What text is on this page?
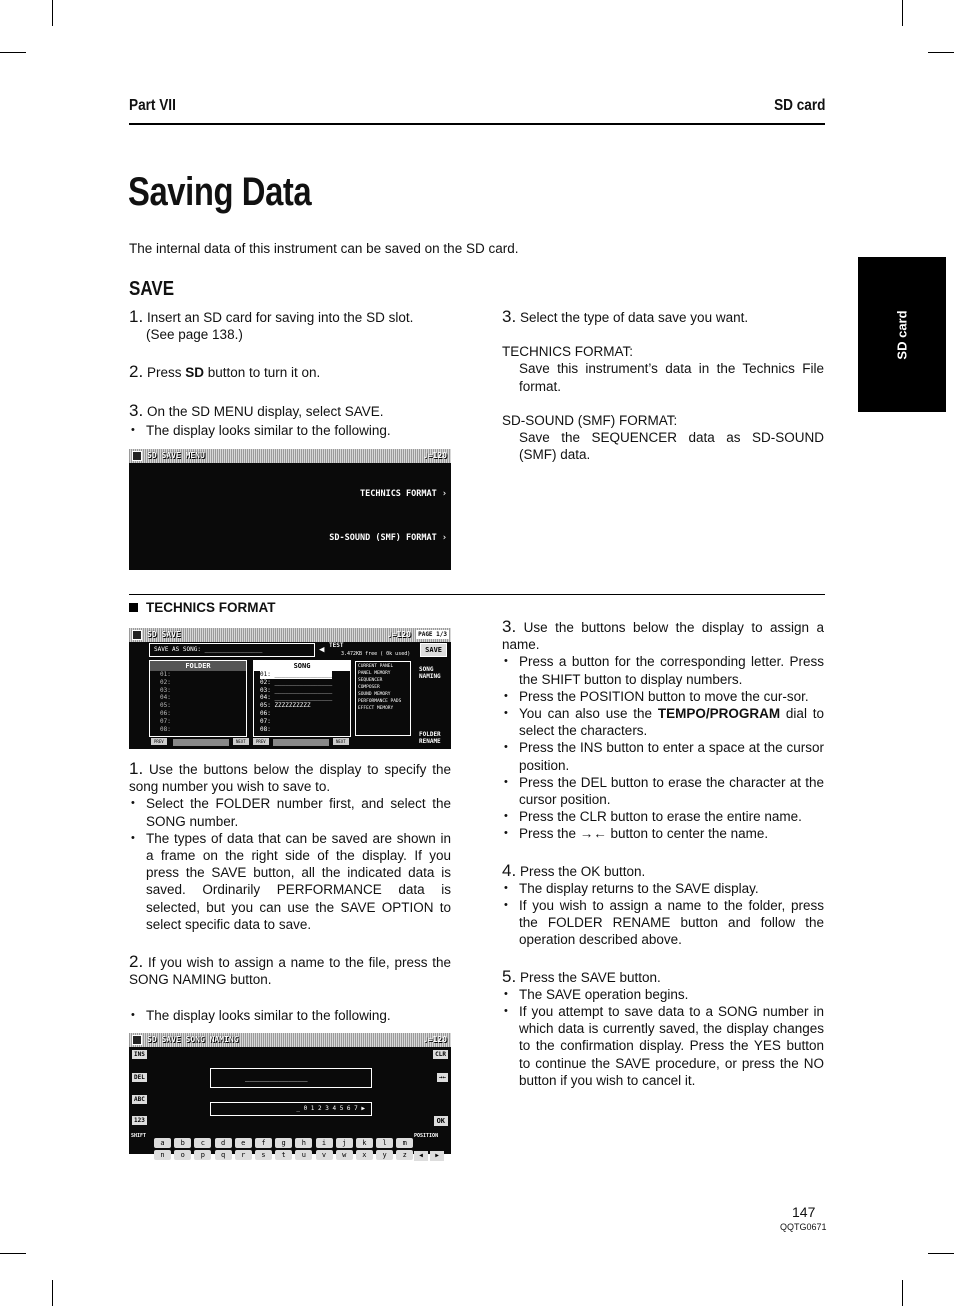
Part VII	SD card
SD card
Saving Data
The internal data of this instrument can be saved on the SD card.
SAVE

1. Insert an SD card for saving into the SD slot.

(See page 138.)

2. Press SD button to turn it on.

3. On the SD MENU display, select SAVE.

• The display looks similar to the following.

SD SAVE MENU	♩=120
TECHNICS FORMAT ›
SD-SOUND (SMF) FORMAT ›

3. Select the type of data save you want.

TECHNICS FORMAT:

Save this instrument’s data in the Technics File format.

SD-SOUND (SMF) FORMAT:

Save the SEQUENCER data as SD-SOUND (SMF) data.

TECHNICS FORMAT
SD SAVE	♩=120	PAGE 1/3
SAVE AS SONG: ________________	◀ TEST
3.472KB free ( 0k used)	SAVE
FOLDER
01:
02:
03:
04:
05:
06:
07:
08:
SONG
01: ________________
02: ________________
03: ________________
04: ________________
05: ZZZZZZZZZZ
06:
07:
08:
CURRENT PANEL
PANEL MEMORY
SEQUENCER
COMPOSER
SOUND MEMORY
PERFORMANCE PADS
EFFECT MEMORY
SONG
NAMING
FOLDER
RENAME
PREV	NEXT	PREV	NEXT

1. Use the buttons below the display to specify the song number you wish to save to.

• Select the FOLDER number first, and select the SONG number.

• The types of data that can be saved are shown in a frame on the right side of the display. If you press the SAVE button, all the indicated data is saved. Ordinarily PERFORMANCE data is selected, but you can use the SAVE OPTION to select specific data to save.

2. If you wish to assign a name to the file, press the SONG NAMING button.

• The display looks similar to the following.

SD SAVE SONG NAMING	♩=120
INS
DEL
ABC
123
CLR
→←
OK
_____________
_ 0 1 2 3 4 5 6 7 ▶
SHIFT	POSITION
a b c d e f g h i j k l m
n o p q r s t u v w x y z	◀ ▶

3. Use the buttons below the display to assign a name.

• Press a button for the corresponding letter. Press the SHIFT button to display numbers.

• Press the POSITION button to move the cur-sor.

• You can also use the TEMPO/PROGRAM dial to select the characters.

• Press the INS button to enter a space at the cursor position.

• Press the DEL button to erase the character at the cursor position.

• Press the CLR button to erase the entire name.

• Press the →← button to center the name.

4. Press the OK button.

• The display returns to the SAVE display.

• If you wish to assign a name to the folder, press the FOLDER RENAME button and follow the operation described above.

5. Press the SAVE button.

• The SAVE operation begins.

• If you attempt to save data to a SONG number in which data is currently saved, the display changes to the confirmation display. Press the YES button to continue the SAVE procedure, or press the NO button if you wish to cancel it.

147
QQTG0671
